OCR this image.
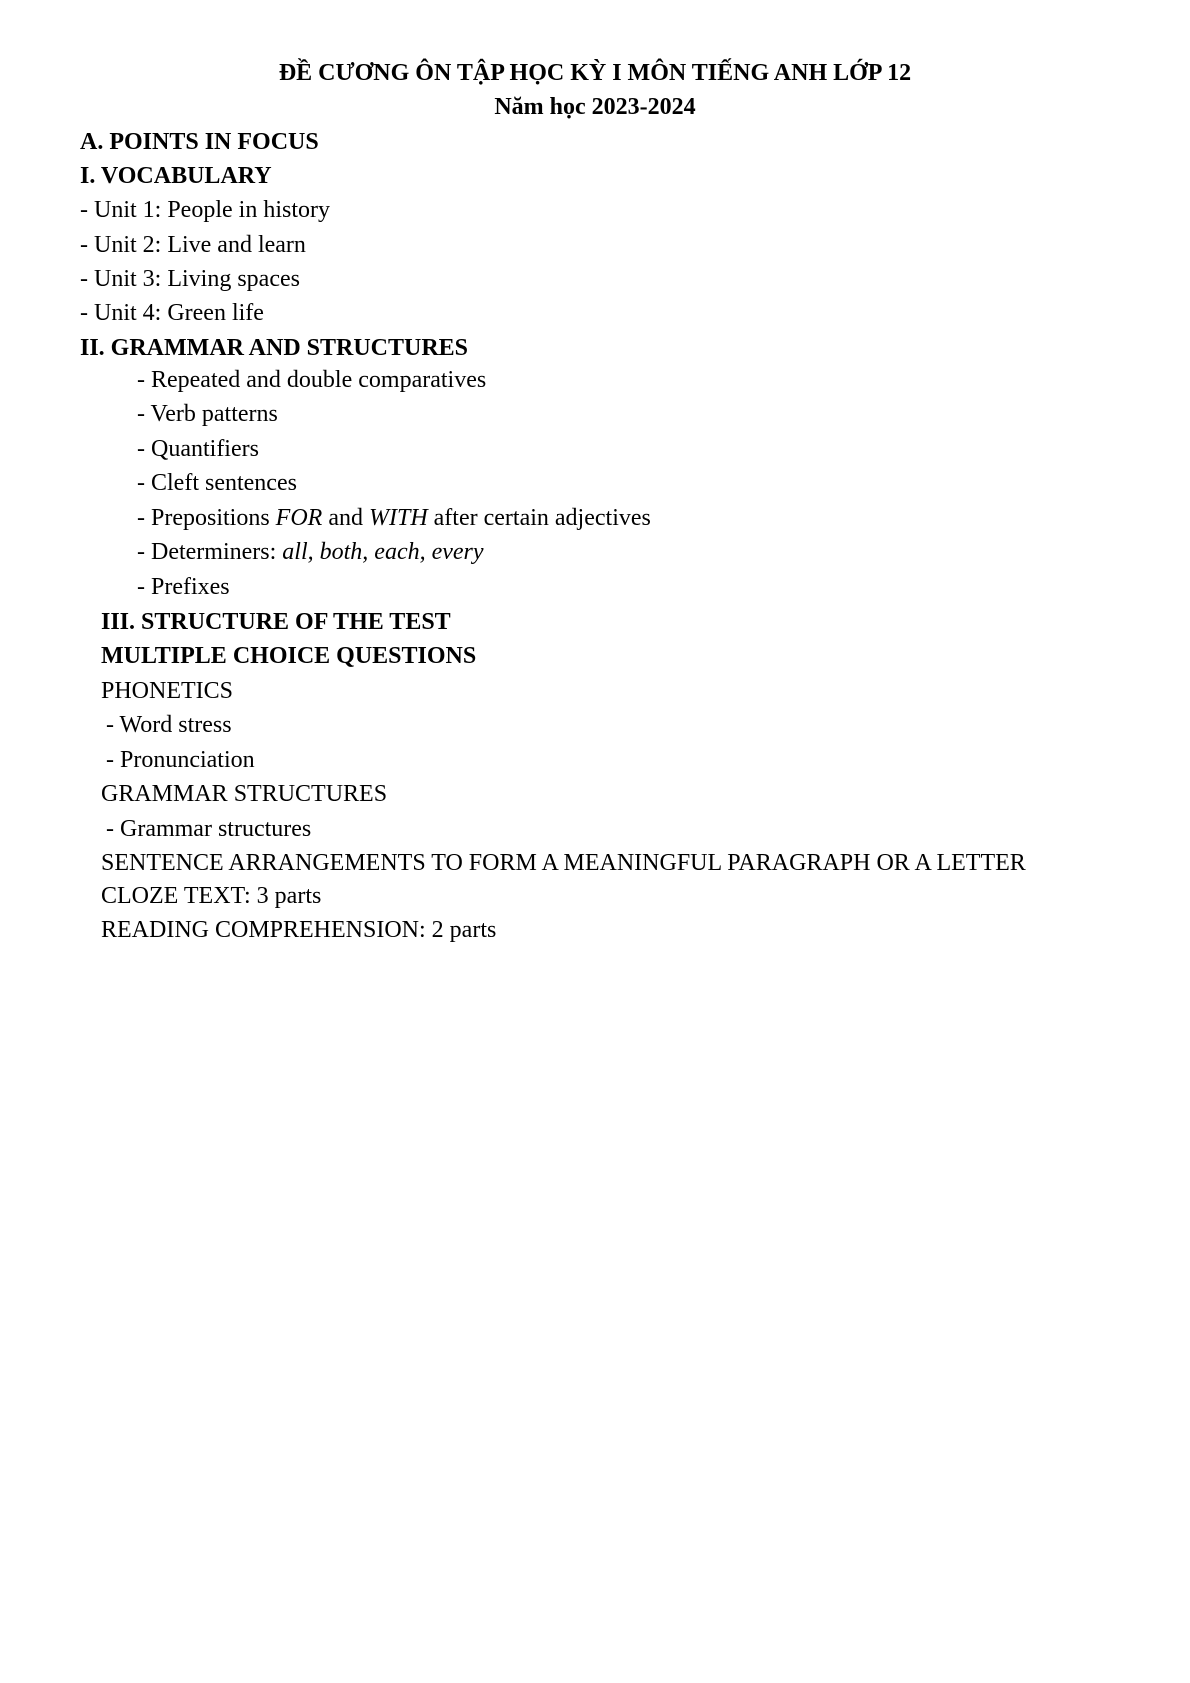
ĐỀ CƯƠNG ÔN TẬP HỌC KỲ I MÔN TIẾNG ANH LỚP 12
Năm học 2023-2024
A. POINTS IN FOCUS
I. VOCABULARY
- Unit 1: People in history
- Unit 2: Live and learn
- Unit 3: Living spaces
- Unit 4: Green life
II. GRAMMAR AND STRUCTURES
- Repeated and double comparatives
- Verb patterns
- Quantifiers
- Cleft sentences
- Prepositions FOR and WITH after certain adjectives
- Determiners: all, both, each, every
- Prefixes
III. STRUCTURE OF THE TEST
MULTIPLE CHOICE QUESTIONS
PHONETICS
- Word stress
- Pronunciation
GRAMMAR STRUCTURES
- Grammar structures
SENTENCE ARRANGEMENTS TO FORM A MEANINGFUL PARAGRAPH OR A LETTER
CLOZE TEXT: 3 parts
READING COMPREHENSION: 2 parts
